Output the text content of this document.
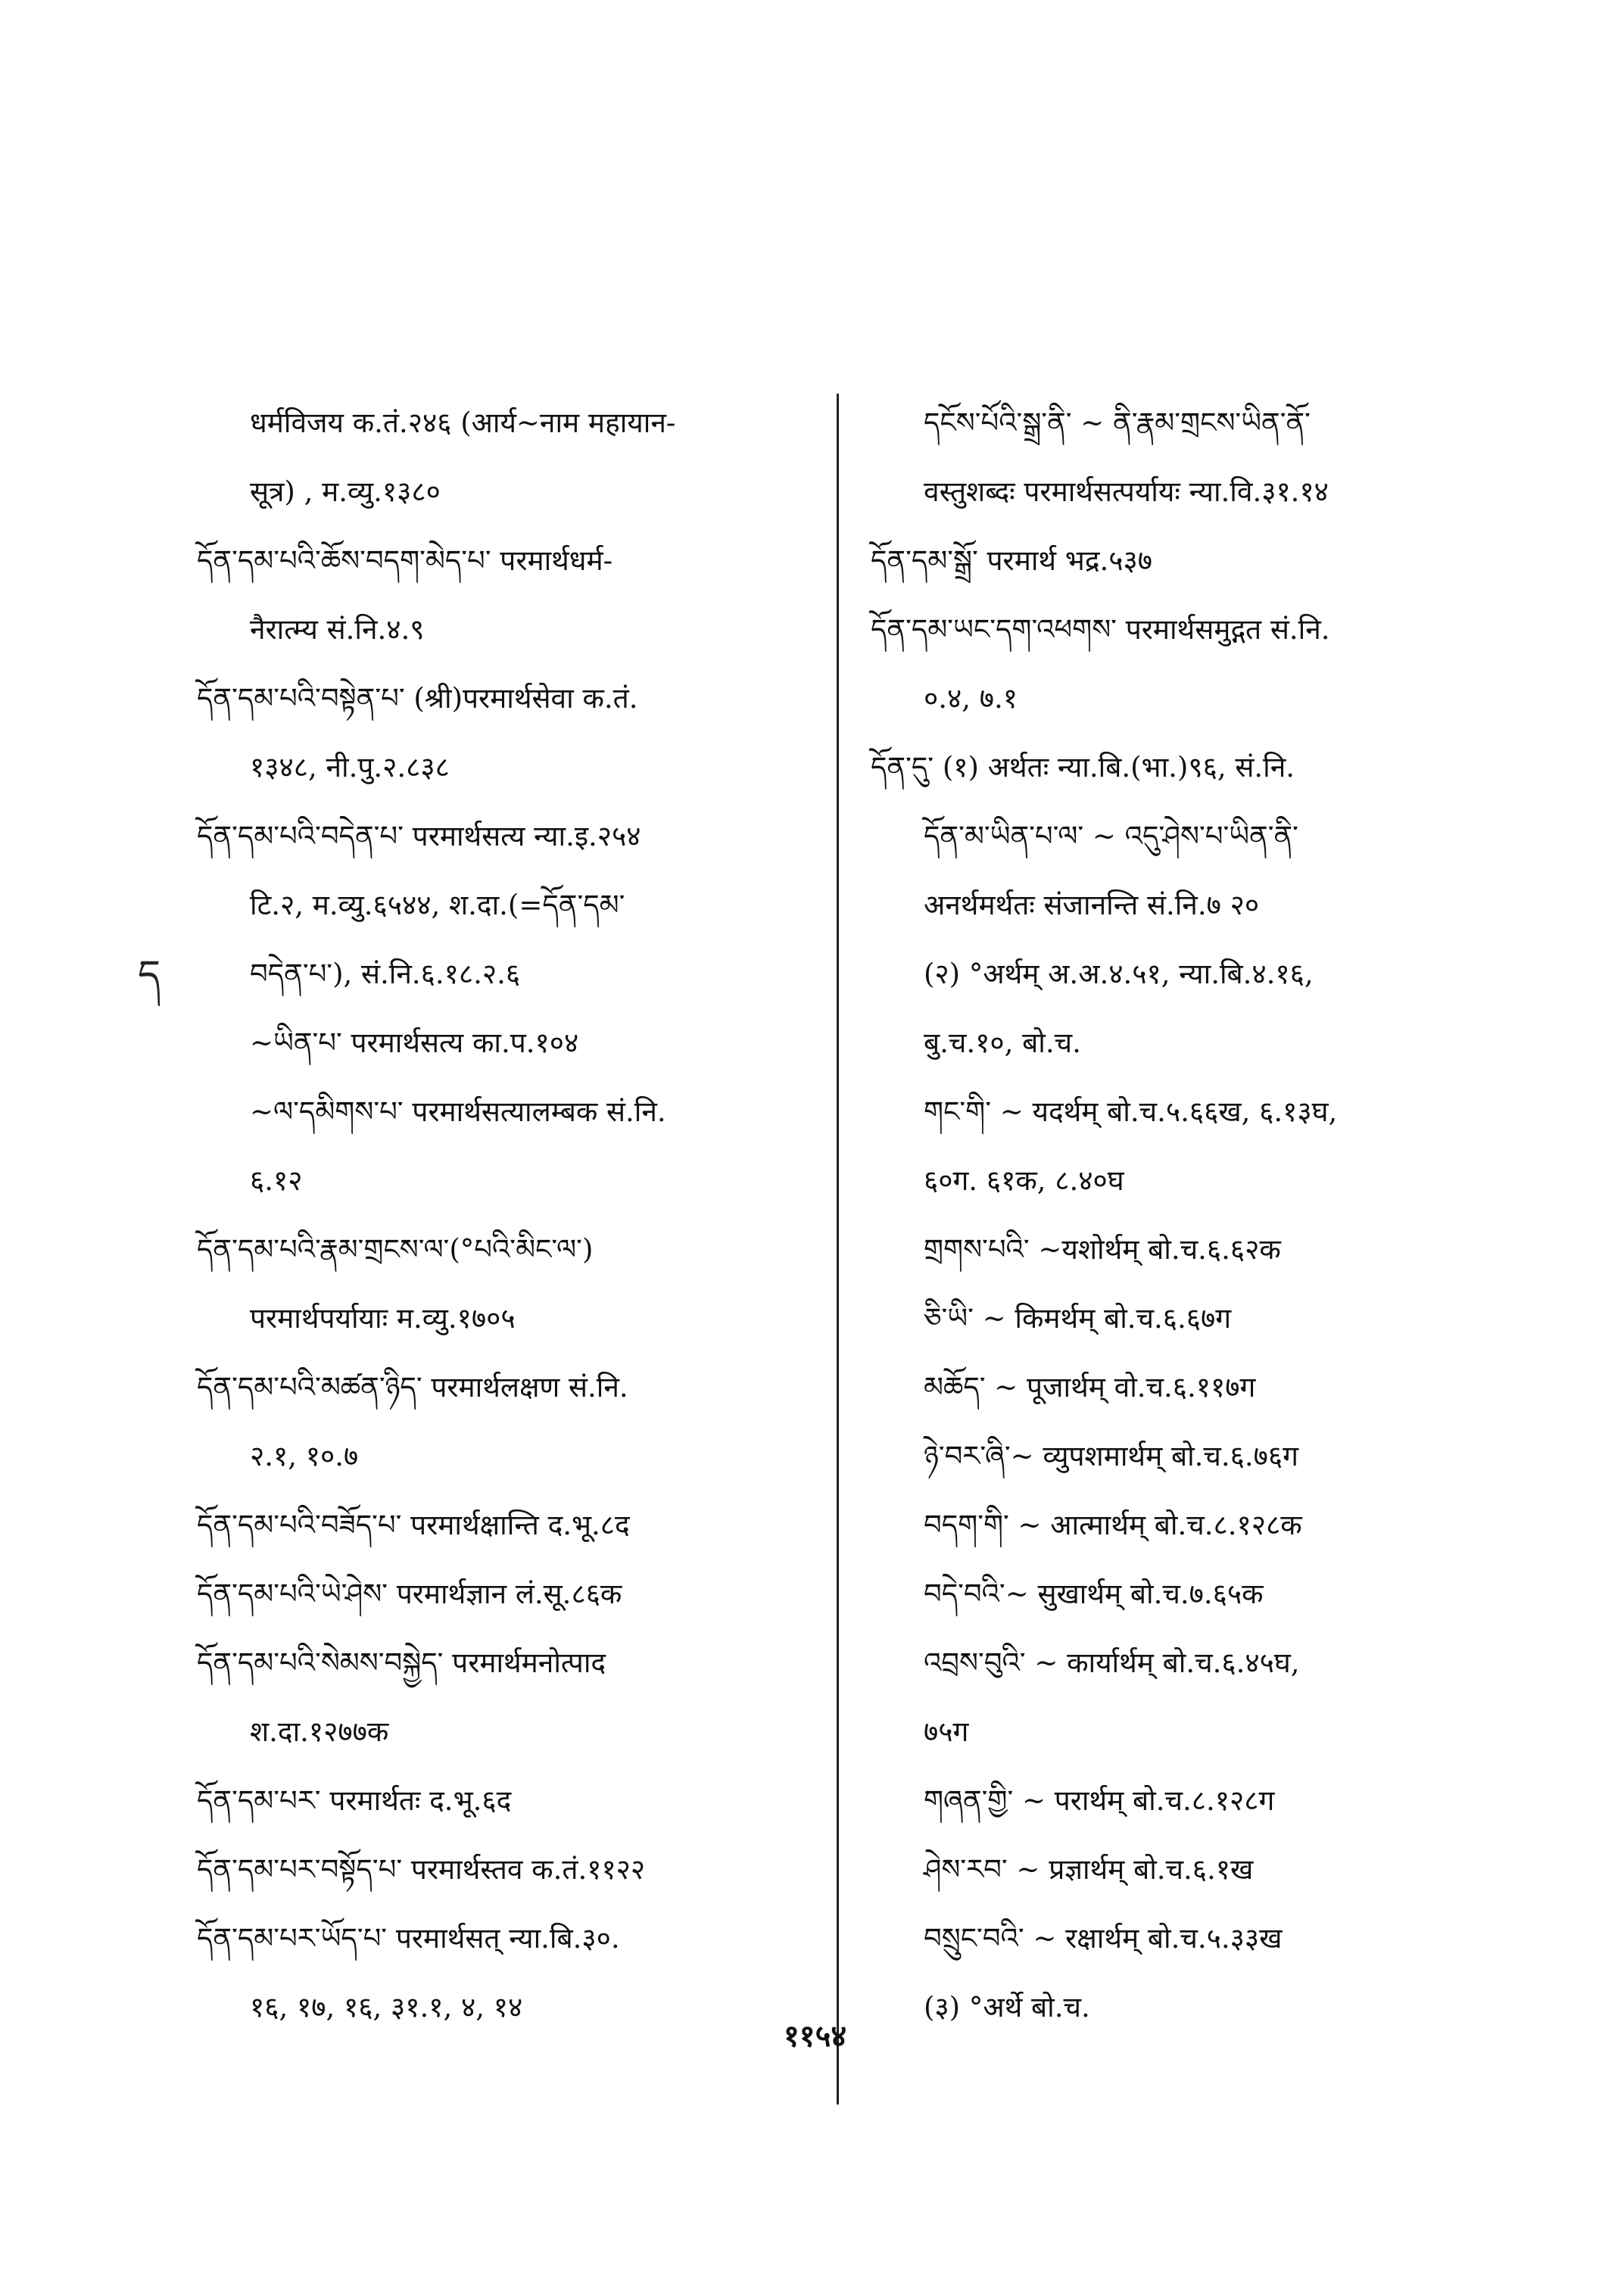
धर्मविजय क.तं.२४६ (आर्य~नाम महायान-
सूत्र) , म.व्यु.१३८०
དོན་དམ་པའི་ཆོས་བདག་མེད་པ་ परमार्थधर्म-
नैरात्म्य सं.नि.४.९
དོན་དམ་པའི་བསྟེན་པ་ (श्री)परमार्थसेवा क.तं.
१३४८, नी.पु.२.८३८
དོན་དམ་པའི་བདེན་པ་ परमार्थसत्य न्या.इ.२५४
टि.२, म.व्यु.६५४४, श.दा.(=དོན་དམ་
བདེན་པ་), सं.नि.६.१८.२.६
~ཡིན་པ་ परमार्थसत्य का.प.१०४
~ལ་དམིགས་པ་ परमार्थसत्यालम्बक सं.नि.
६.१२
དོན་དམ་པའི་རྣམ་གྲངས་ལ་(°པའི་མིང་ལ་)
परमार्थपर्यायाः म.व्यु.१७०५
དོན་དམ་པའི་མཚན་ཉིད་ परमार्थलक्षण सं.नि.
२.१, १०.७
དོན་དམ་པའི་བཟོད་པ་ परमार्थक्षान्ति द.भू.८द
དོན་དམ་པའི་ཡེ་ཤེས་ परमार्थज्ञान लं.सू.८६क
དོན་དམ་པའི་སེམས་བསྐྱེད་ परमार्थमनोत्पाद
श.दा.१२७७क
དོན་དམ་པར་ परमार्थतः द.भू.६द
དོན་དམ་པར་བསྟོད་པ་ परमार्थस्तव क.तं.११२२
དོན་དམ་པར་ཡོད་པ་ परमार्थसत् न्या.बि.३०.
१६, १७, १६, ३१.१, ४, १४
དངོས་པོའི་སྒྲ་ནི་ ~ ནི་རྣམ་གྲངས་ཡིན་ནོ་
वस्तुशब्दः परमार्थसत्पर्यायः न्या.वि.३१.१४
དོན་དམ་སྒྲོ་ परमार्थ भद्र.५३७
དོན་དམ་ཡང་དག་འཕགས་ परमार्थसमुद्गत सं.नि.
०.४, ७.१
དོན་དུ་ (१) अर्थतः न्या.बि.(भा.)९६, सं.नि.
དོན་མ་ཡིན་པ་ལ་ ~ འདུ་ཤེས་པ་ཡིན་ནི་
अनर्थमर्थतः संजानन्ति सं.नि.७ २०
(२) °अर्थम् अ.अ.४.५१, न्या.बि.४.१६,
बु.च.१०, बो.च.
གང་གི་ ~ यदर्थम् बो.च.५.६६ख, ६.१३घ,
६०ग. ६१क, ८.४०घ
གྲགས་པའི་ ~यशोर्थम् बो.च.६.६२क
ཅི་ཡི་ ~ किमर्थम् बो.च.६.६७ग
མཆོད་ ~ पूजार्थम् वो.च.६.११७ग
ཉེ་བར་ཞི་~ व्युपशमार्थम् बो.च.६.७६ग
བདག་གི་ ~ आत्मार्थम् बो.च.८.१२८क
བདེ་བའི་~ सुखार्थम् बो.च.७.६५क
འབྲས་བུའི་ ~ कार्यार्थम् बो.च.६.४५घ,
७५ग
གཞན་གྱི་ ~ परार्थम् बो.च.८.१२८ग
ཤེས་རབ་ ~ प्रज्ञार्थम् बो.च.६.१ख
བསྲུང་བའི་ ~ रक्षार्थम् बो.च.५.३३ख
(३) °अर्थे बो.च.
ད
११५४
